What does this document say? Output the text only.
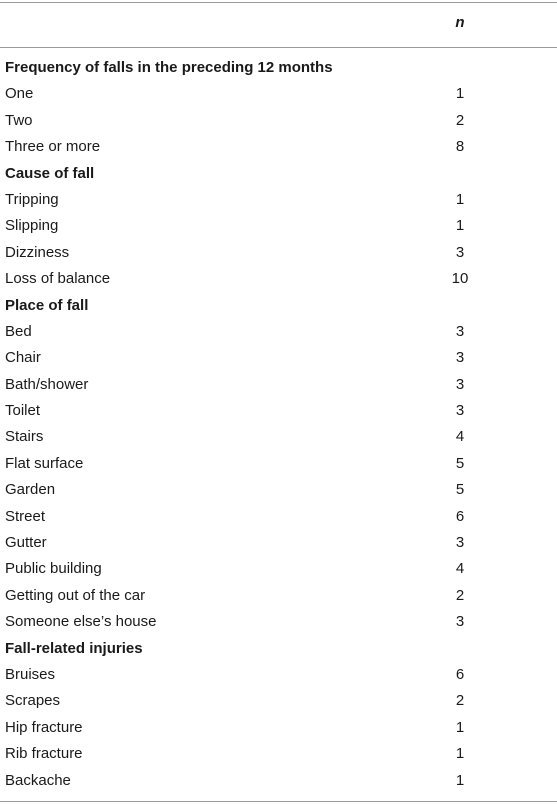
n
Frequency of falls in the preceding 12 months
One	1
Two	2
Three or more	8
Cause of fall
Tripping	1
Slipping	1
Dizziness	3
Loss of balance	10
Place of fall
Bed	3
Chair	3
Bath/shower	3
Toilet	3
Stairs	4
Flat surface	5
Garden	5
Street	6
Gutter	3
Public building	4
Getting out of the car	2
Someone else’s house	3
Fall-related injuries
Bruises	6
Scrapes	2
Hip fracture	1
Rib fracture	1
Backache	1
